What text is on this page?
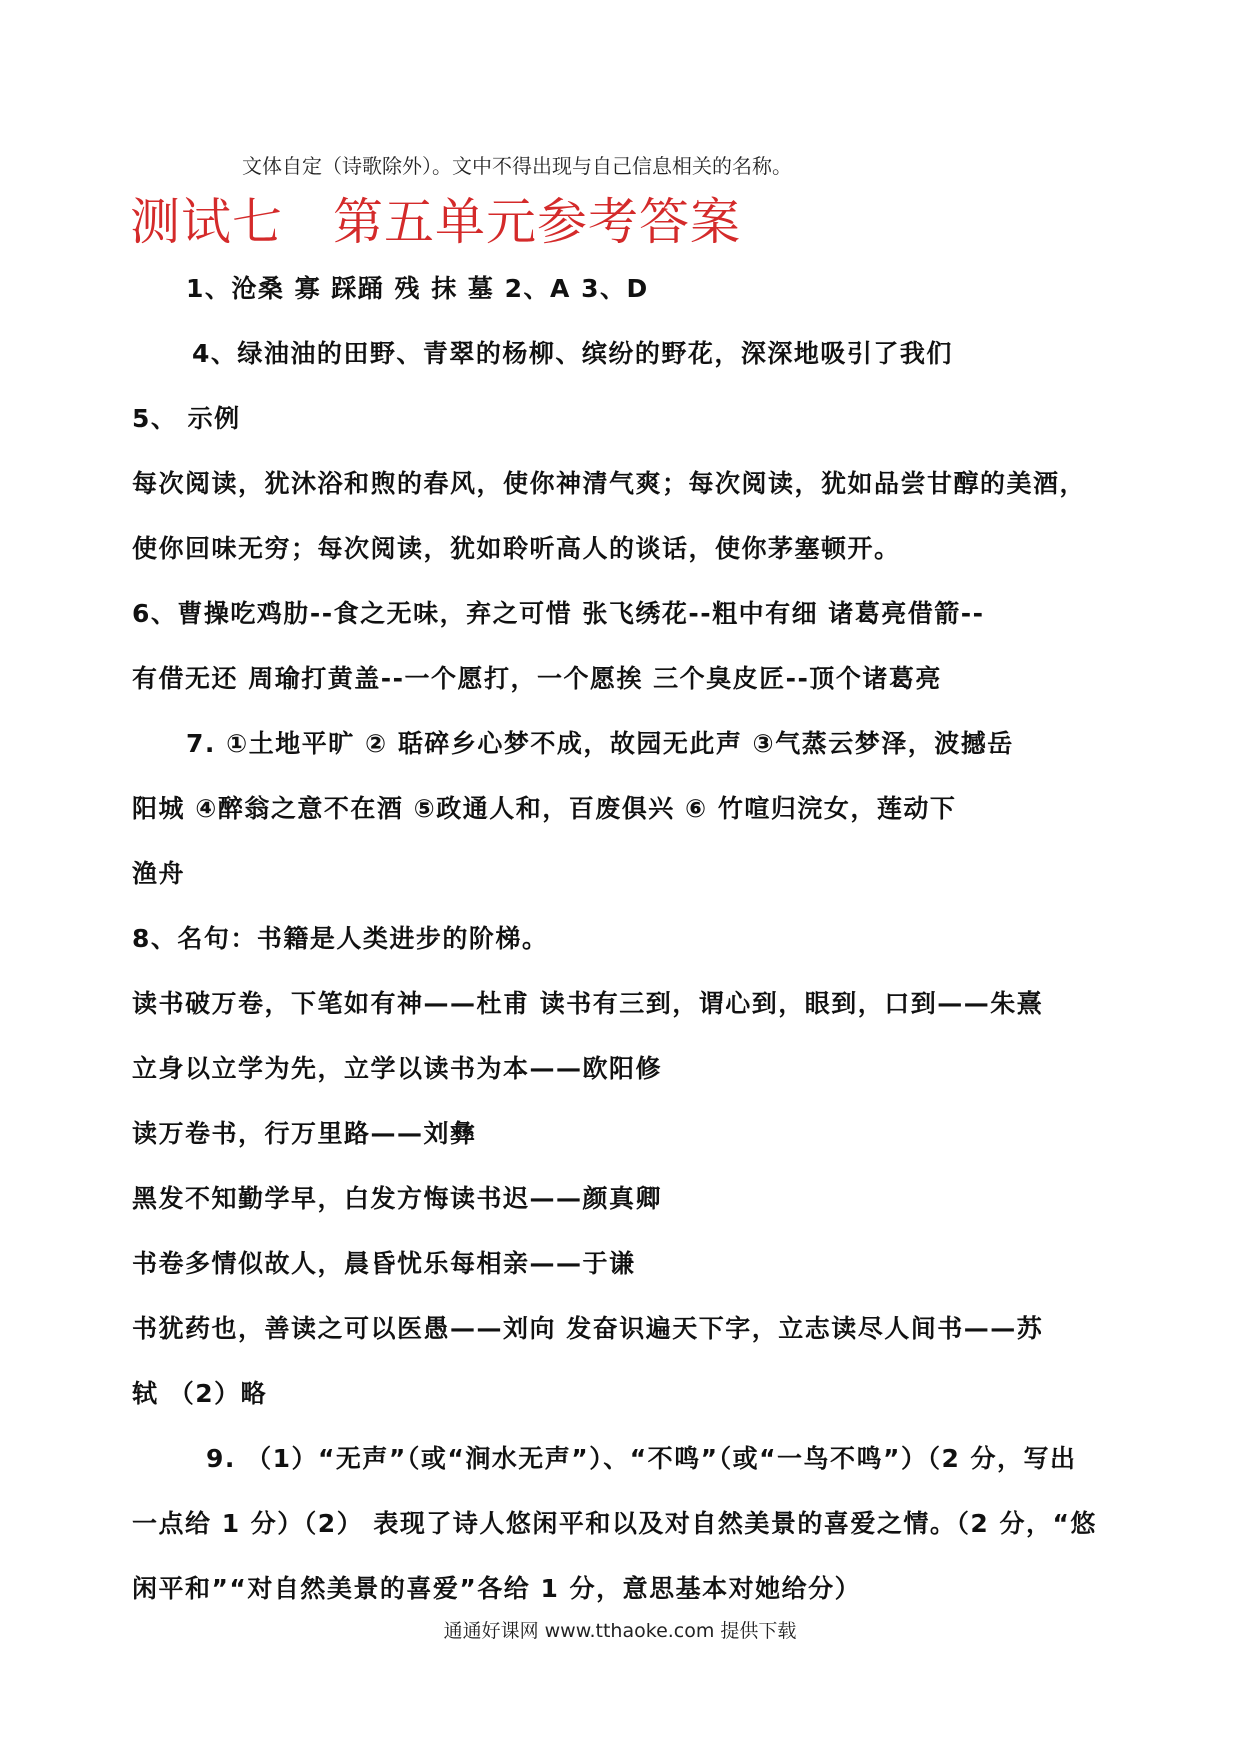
文体自定（诗歌除外）。文中不得出现与自己信息相关的名称。
测试七 第五单元参考答案
1、沧桑 寡 踩踊 残 抹 墓 2、A 3、D
4、绿油油的田野、青翠的杨柳、缤纷的野花，深深地吸引了我们
5、 示例
每次阅读，犹沐浴和煦的春风，使你神清气爽；每次阅读，犹如品尝甘醇的美酒，
使你回味无穷；每次阅读，犹如聆听高人的谈话，使你茅塞顿开。
6、曹操吃鸡肋--食之无味，弃之可惜 张飞绣花--粗中有细 诸葛亮借箭--
有借无还 周瑜打黄盖--一个愿打，一个愿挨 三个臭皮匠--顶个诸葛亮
7. ①土地平旷 ② 聒碎乡心梦不成，故园无此声 ③气蒸云梦泽，波撼岳
阳城 ④醉翁之意不在酒 ⑤政通人和，百废俱兴 ⑥ 竹喧归浣女，莲动下
渔舟
8、名句：书籍是人类进步的阶梯。
读书破万卷，下笔如有神——杜甫 读书有三到，谓心到，眼到，口到——朱熹
立身以立学为先，立学以读书为本——欧阳修
读万卷书，行万里路——刘彝
黑发不知勤学早，白发方悔读书迟——颜真卿
书卷多情似故人，晨昏忧乐每相亲——于谦
书犹药也，善读之可以医愚——刘向 发奋识遍天下字，立志读尽人间书——苏
轼 （2）略
9. （1）“无声”（或“涧水无声”）、“不鸣”（或“一鸟不鸣”）（2 分，写出
一点给 1 分）（2） 表现了诗人悠闲平和以及对自然美景的喜爱之情。（2 分，“悠
闲平和”“对自然美景的喜爱”各给 1 分，意思基本对她给分）
通通好课网 www.tthaoke.com 提供下载
